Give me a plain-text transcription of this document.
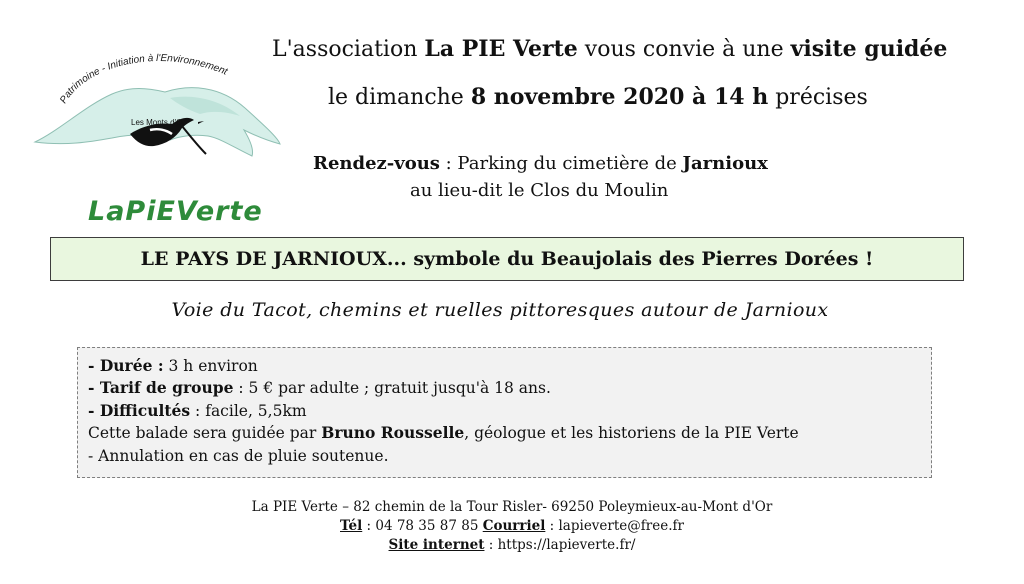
Patrimoine - Initiation à l'Environnement
Les Monts d'Or
LaPiEVerte
L'association La PIE Verte vous convie à une visite guidée
le dimanche 8 novembre 2020 à 14 h précises
Rendez-vous : Parking du cimetière de Jarnioux
au lieu-dit le Clos du Moulin
LE PAYS DE JARNIOUX... symbole du Beaujolais des Pierres Dorées !
Voie du Tacot, chemins et ruelles pittoresques autour de Jarnioux
- Durée : 3 h environ
- Tarif de groupe : 5 € par adulte ; gratuit jusqu'à 18 ans.
- Difficultés : facile, 5,5km
Cette balade sera guidée par Bruno Rousselle, géologue et les historiens de la PIE Verte
- Annulation en cas de pluie soutenue.
La PIE Verte – 82 chemin de la Tour Risler- 69250 Poleymieux-au-Mont d'Or
Tél : 04 78 35 87 85 Courriel : lapieverte@free.fr
Site internet : https://lapieverte.fr/
